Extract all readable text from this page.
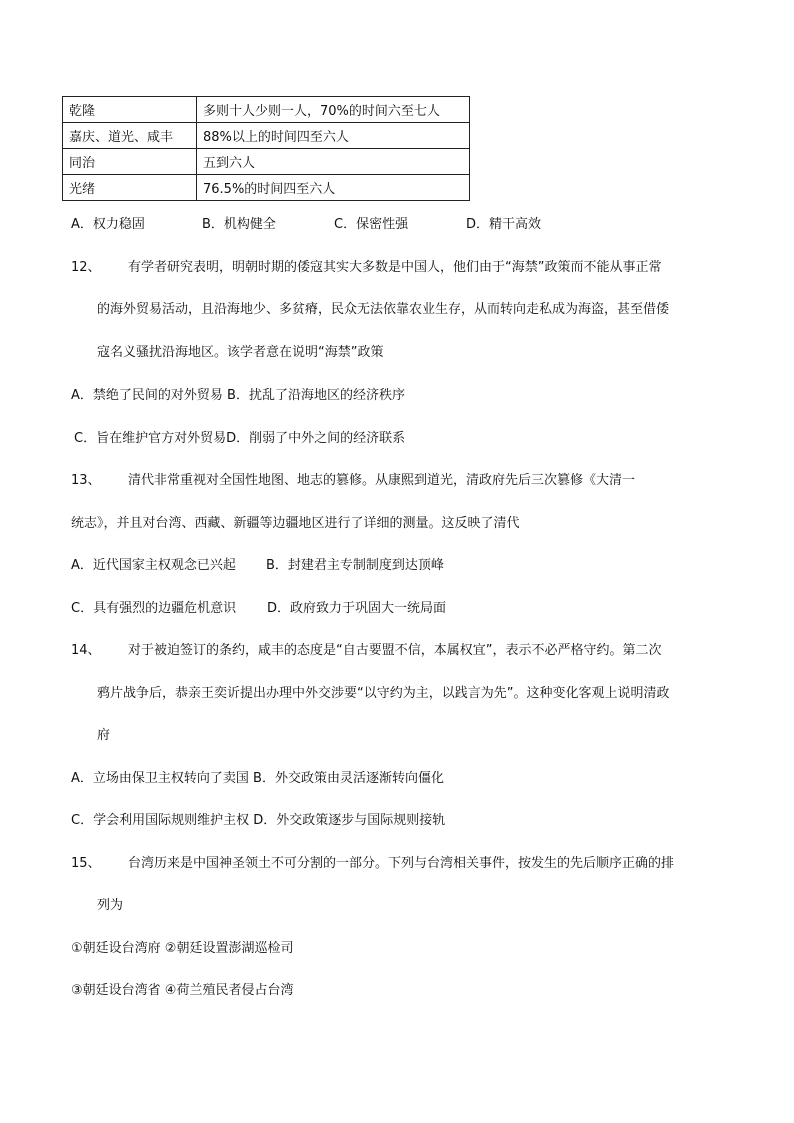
乾隆	多则十人少则一人，70%的时间六至七人
嘉庆、道光、咸丰	88%以上的时间四至六人
同治	五到六人
光绪	76.5%的时间四至六人
A．权力稳固	B．机构健全	C．保密性强	D．精干高效
12、 有学者研究表明，明朝时期的倭寇其实大多数是中国人，他们由于“海禁”政策而不能从事正常
的海外贸易活动，且沿海地少、多贫瘠，民众无法依靠农业生存，从而转向走私成为海盗，甚至借倭
寇名义骚扰沿海地区。该学者意在说明“海禁”政策
A．禁绝了民间的对外贸易 B．扰乱了沿海地区的经济秩序
C．旨在维护官方对外贸易D．削弱了中外之间的经济联系
13、 清代非常重视对全国性地图、地志的篡修。从康熙到道光，清政府先后三次篡修《大清一
统志》，并且对台湾、西藏、新疆等边疆地区进行了详细的测量。这反映了清代
A．近代国家主权观念已兴起 B．封建君主专制制度到达顶峰
C．具有强烈的边疆危机意识 D．政府致力于巩固大一统局面
14、 对于被迫签订的条约，咸丰的态度是“自古要盟不信，本属权宜”，表示不必严格守约。第二次
鸦片战争后，恭亲王奕䜣提出办理中外交涉要“以守约为主，以践言为先”。这种变化客观上说明清政
府
A．立场由保卫主权转向了卖国 B．外交政策由灵活逐渐转向僵化
C．学会利用国际规则维护主权 D．外交政策逐步与国际规则接轨
15、 台湾历来是中国神圣领土不可分割的一部分。下列与台湾相关事件，按发生的先后顺序正确的排
列为
①朝廷设台湾府 ②朝廷设置澎湖巡检司
③朝廷设台湾省 ④荷兰殖民者侵占台湾
